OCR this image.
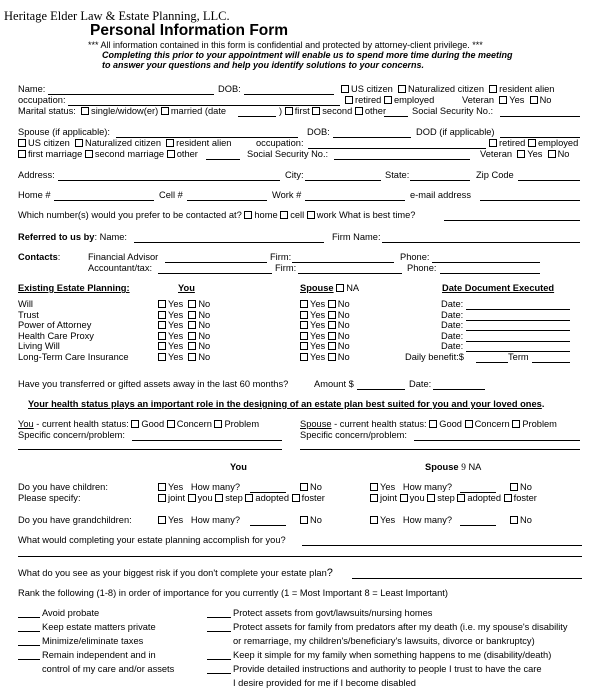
Heritage Elder Law & Estate Planning, LLC.
Personal Information Form
*** All information contained in this form is confidential and protected by attorney-client privilege. ***
Completing this prior to your appointment will enable us to spend more time during the meeting
to answer your questions and help you identify solutions to your concerns.
Name:	DOB:	US citizen Naturalized citizen resident alien
occupation:	retired employed	Veteran Yes No
Marital status: single/widow(er) married (date	) first second other	Social Security No.:
Spouse (if applicable):	DOB:	DOD (if applicable)
US citizen Naturalized citizen resident alien	occupation:	retired employed
first marriage second marriage other	Social Security No.:	Veteran Yes No
Address:	City:	State:	Zip Code
Home #	Cell #	Work #	e-mail address
Which number(s) would you prefer to be contacted at? home cell work What is best time?
Referred to us by: Name:	Firm Name:
Contacts:	Financial Advisor	Firm:	Phone:
Accountant/tax:	Firm:	Phone:
Existing Estate Planning:	You	Spouse NA	Date Document Executed
Will	Yes No	Yes No	Date:
Trust	Yes No	Yes No	Date:
Power of Attorney	Yes No	Yes No	Date:
Health Care Proxy	Yes No	Yes No	Date:
Living Will	Yes No	Yes No	Date:
Long-Term Care Insurance	Yes No	Yes No	Daily benefit:$	Term
Have you transferred or gifted assets away in the last 60 months?	Amount $	Date:
Your health status plays an important role in the designing of an estate plan best suited for you and your loved ones.
You - current health status: Good Concern Problem	Spouse - current health status: Good Concern Problem
Specific concern/problem:	Specific concern/problem:
You	Spouse 9 NA
Do you have children:	Yes How many?	No	Yes How many?	No
Please specify:	joint you step adopted foster	joint you step adopted foster
Do you have grandchildren:	Yes How many?	No	Yes How many?	No
What would completing your estate planning accomplish for you?
What do you see as your biggest risk if you don't complete your estate plan?
Rank the following (1-8) in order of importance for you currently (1 = Most Important 8 = Least Important)
Avoid probate
Keep estate matters private
Minimize/eliminate taxes
Remain independent and in
control of my care and/or assets
Protect assets from govt/lawsuits/nursing homes
Protect assets for family from predators after my death (i.e. my spouse's disability
or remarriage, my children's/beneficiary's lawsuits, divorce or bankruptcy)
Keep it simple for my family when something happens to me (disability/death)
Provide detailed instructions and authority to people I trust to have the care
I desire provided for me if I become disabled
